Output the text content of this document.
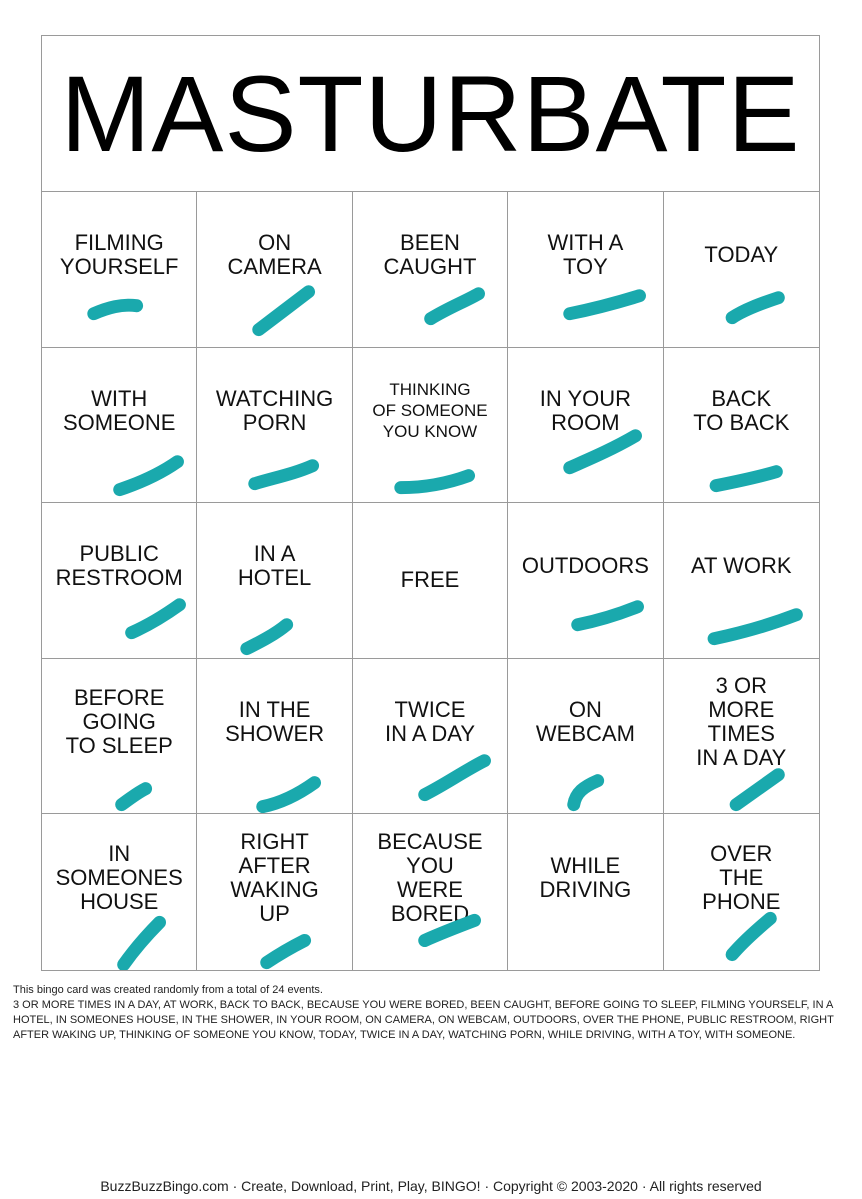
MASTURBATE
FILMING
YOURSELF
ON
CAMERA
BEEN
CAUGHT
WITH A
TOY	TODAY
WITH
SOMEONE
WATCHING
PORN
THINKING
OF SOMEONE
YOU KNOW
IN YOUR
ROOM
BACK
TO BACK
PUBLIC
RESTROOM
IN A
HOTEL	FREE
OUTDOORS AT WORK
BEFORE
GOING
TO SLEEP
IN THE
SHOWER
TWICE
IN A DAY
ON
WEBCAM
3 OR
MORE
TIMES
IN A DAY
IN
SOMEONES
HOUSE
RIGHT
AFTER
WAKING
UP
BECAUSE
YOU
WERE
BORED
WHILE
DRIVING
OVER
THE
PHONE

This bingo card was created randomly from a total of 24 events.

3 OR MORE TIMES IN A DAY, AT WORK, BACK TO BACK, BECAUSE YOU WERE BORED, BEEN CAUGHT, BEFORE GOING TO SLEEP, FILMING YOURSELF, IN A HOTEL, IN SOMEONES HOUSE, IN THE SHOWER, IN YOUR ROOM, ON CAMERA, ON WEBCAM, OUTDOORS, OVER THE PHONE, PUBLIC RESTROOM, RIGHT AFTER WAKING UP, THINKING OF SOMEONE YOU KNOW, TODAY, TWICE IN A DAY, WATCHING PORN, WHILE DRIVING, WITH A TOY, WITH SOMEONE.

BuzzBuzzBingo.com · Create, Download, Print, Play, BINGO! · Copyright © 2003-2020 · All rights reserved
